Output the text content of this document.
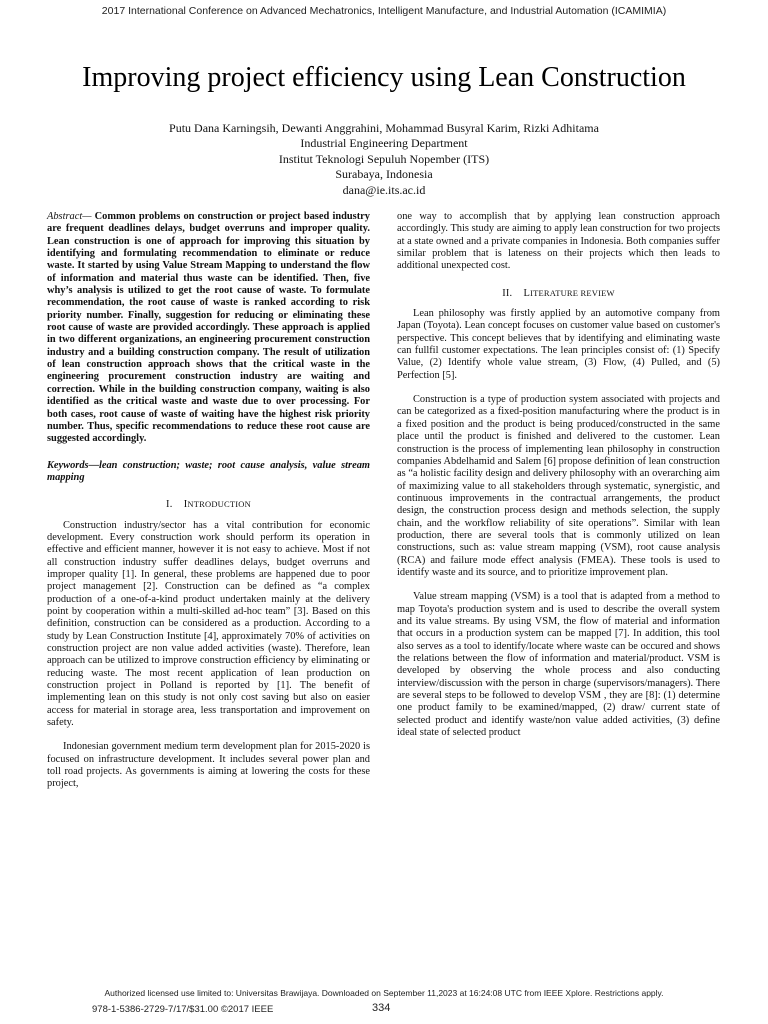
2017 International Conference on Advanced Mechatronics, Intelligent Manufacture, and Industrial Automation (ICAMIMIA)
Improving project efficiency using Lean Construction
Putu Dana Karningsih, Dewanti Anggrahini, Mohammad Busyral Karim, Rizki Adhitama
Industrial Engineering Department
Institut Teknologi Sepuluh Nopember (ITS)
Surabaya, Indonesia
dana@ie.its.ac.id

Abstract— Common problems on construction or project based industry are frequent deadlines delays, budget overruns and improper quality. Lean construction is one of approach for improving this situation by identifying and formulating recommendation to eliminate or reduce waste. It started by using Value Stream Mapping to understand the flow of information and material thus waste can be identified. Then, five why’s analysis is utilized to get the root cause of waste. To formulate recommendation, the root cause of waste is ranked according to risk priority number. Finally, suggestion for reducing or eliminating these root cause of waste are provided accordingly. These approach is applied in two different organizations, an engineering procurement construction industry and a building construction company. The result of utilization of lean construction approach shows that the critical waste in the engineering procurement construction industry are waiting and correction. While in the building construction company, waiting is also identified as the critical waste and waste due to over processing. For both cases, root cause of waste of waiting have the highest risk priority number. Thus, specific recommendations to reduce these root cause are suggested accordingly.

Keywords—lean construction; waste; root cause analysis, value stream mapping

I. INTRODUCTION

Construction industry/sector has a vital contribution for economic development. Every construction work should perform its operation in effective and efficient manner, however it is not easy to achieve. Most if not all construction industry suffer deadlines delays, budget overruns and improper quality [1]. In general, these problems are happened due to poor project management [2]. Construction can be defined as “a complex production of a one-of-a-kind product undertaken mainly at the delivery point by cooperation within a multi-skilled ad-hoc team” [3]. Based on this definition, construction can be considered as a production. According to a study by Lean Construction Institute [4], approximately 70% of activities on construction project are non value added activities (waste). Therefore, lean approach can be utilized to improve construction efficiency by eliminating or reducing waste. The most recent application of lean production on construction project in Polland is reported by [1]. The benefit of implementing lean on this study is not only cost saving but also on easier access for material in storage area, less transportation and improvement on safety.

Indonesian government medium term development plan for 2015-2020 is focused on infrastructure development. It includes several power plan and toll road projects. As governments is aiming at lowering the costs for these project,

one way to accomplish that by applying lean construction approach accordingly. This study are aiming to apply lean construction for two projects at a state owned and a private companies in Indonesia. Both companies suffer similar problem that is lateness on their projects which then leads to additional unexpected cost.

II. LITERATURE REVIEW

Lean philosophy was firstly applied by an automotive company from Japan (Toyota). Lean concept focuses on customer value based on customer's perspective. This concept believes that by identifying and eliminating waste can fullfil customer expectations. The lean principles consist of: (1) Specify Value, (2) Identify whole value stream, (3) Flow, (4) Pulled, and (5) Perfection [5].

Construction is a type of production system associated with projects and can be categorized as a fixed-position manufacturing where the product is in a fixed position and the product is being produced/constructed in the same place until the product is finished and delivered to the customer. Lean construction is the process of implementing lean philosophy in construction companies Abdelhamid and Salem [6] propose definition of lean construction as “a holistic facility design and delivery philosophy with an overarching aim of maximizing value to all stakeholders through systematic, synergistic, and continuous improvements in the contractual arrangements, the product design, the construction process design and methods selection, the supply chain, and the workflow reliability of site operations”. Similar with lean production, there are several tools that is commonly utilized on lean constructions, such as: value stream mapping (VSM), root cause analysis (RCA) and failure mode effect analysis (FMEA). These tools is used to identify waste and its source, and to prioritize improvement plan.

Value stream mapping (VSM) is a tool that is adapted from a method to map Toyota's production system and is used to describe the overall system and its value streams. By using VSM, the flow of material and information that occurs in a production system can be mapped [7]. In addition, this tool also serves as a tool to identify/locate where waste can be occured and shows the relations between the flow of information and material/product. VSM is developed by observing the whole process and also conducting interview/discussion with the person in charge (supervisors/managers). There are several steps to be followed to develop VSM , they are [8]: (1) determine one product family to be examined/mapped, (2) draw/ current state of selected product and identify waste/non value added activities, (3) define ideal state of selected product

Authorized licensed use limited to: Universitas Brawijaya. Downloaded on September 11,2023 at 16:24:08 UTC from IEEE Xplore. Restrictions apply.
978-1-5386-2729-7/17/$31.00 ©2017 IEEE	334
